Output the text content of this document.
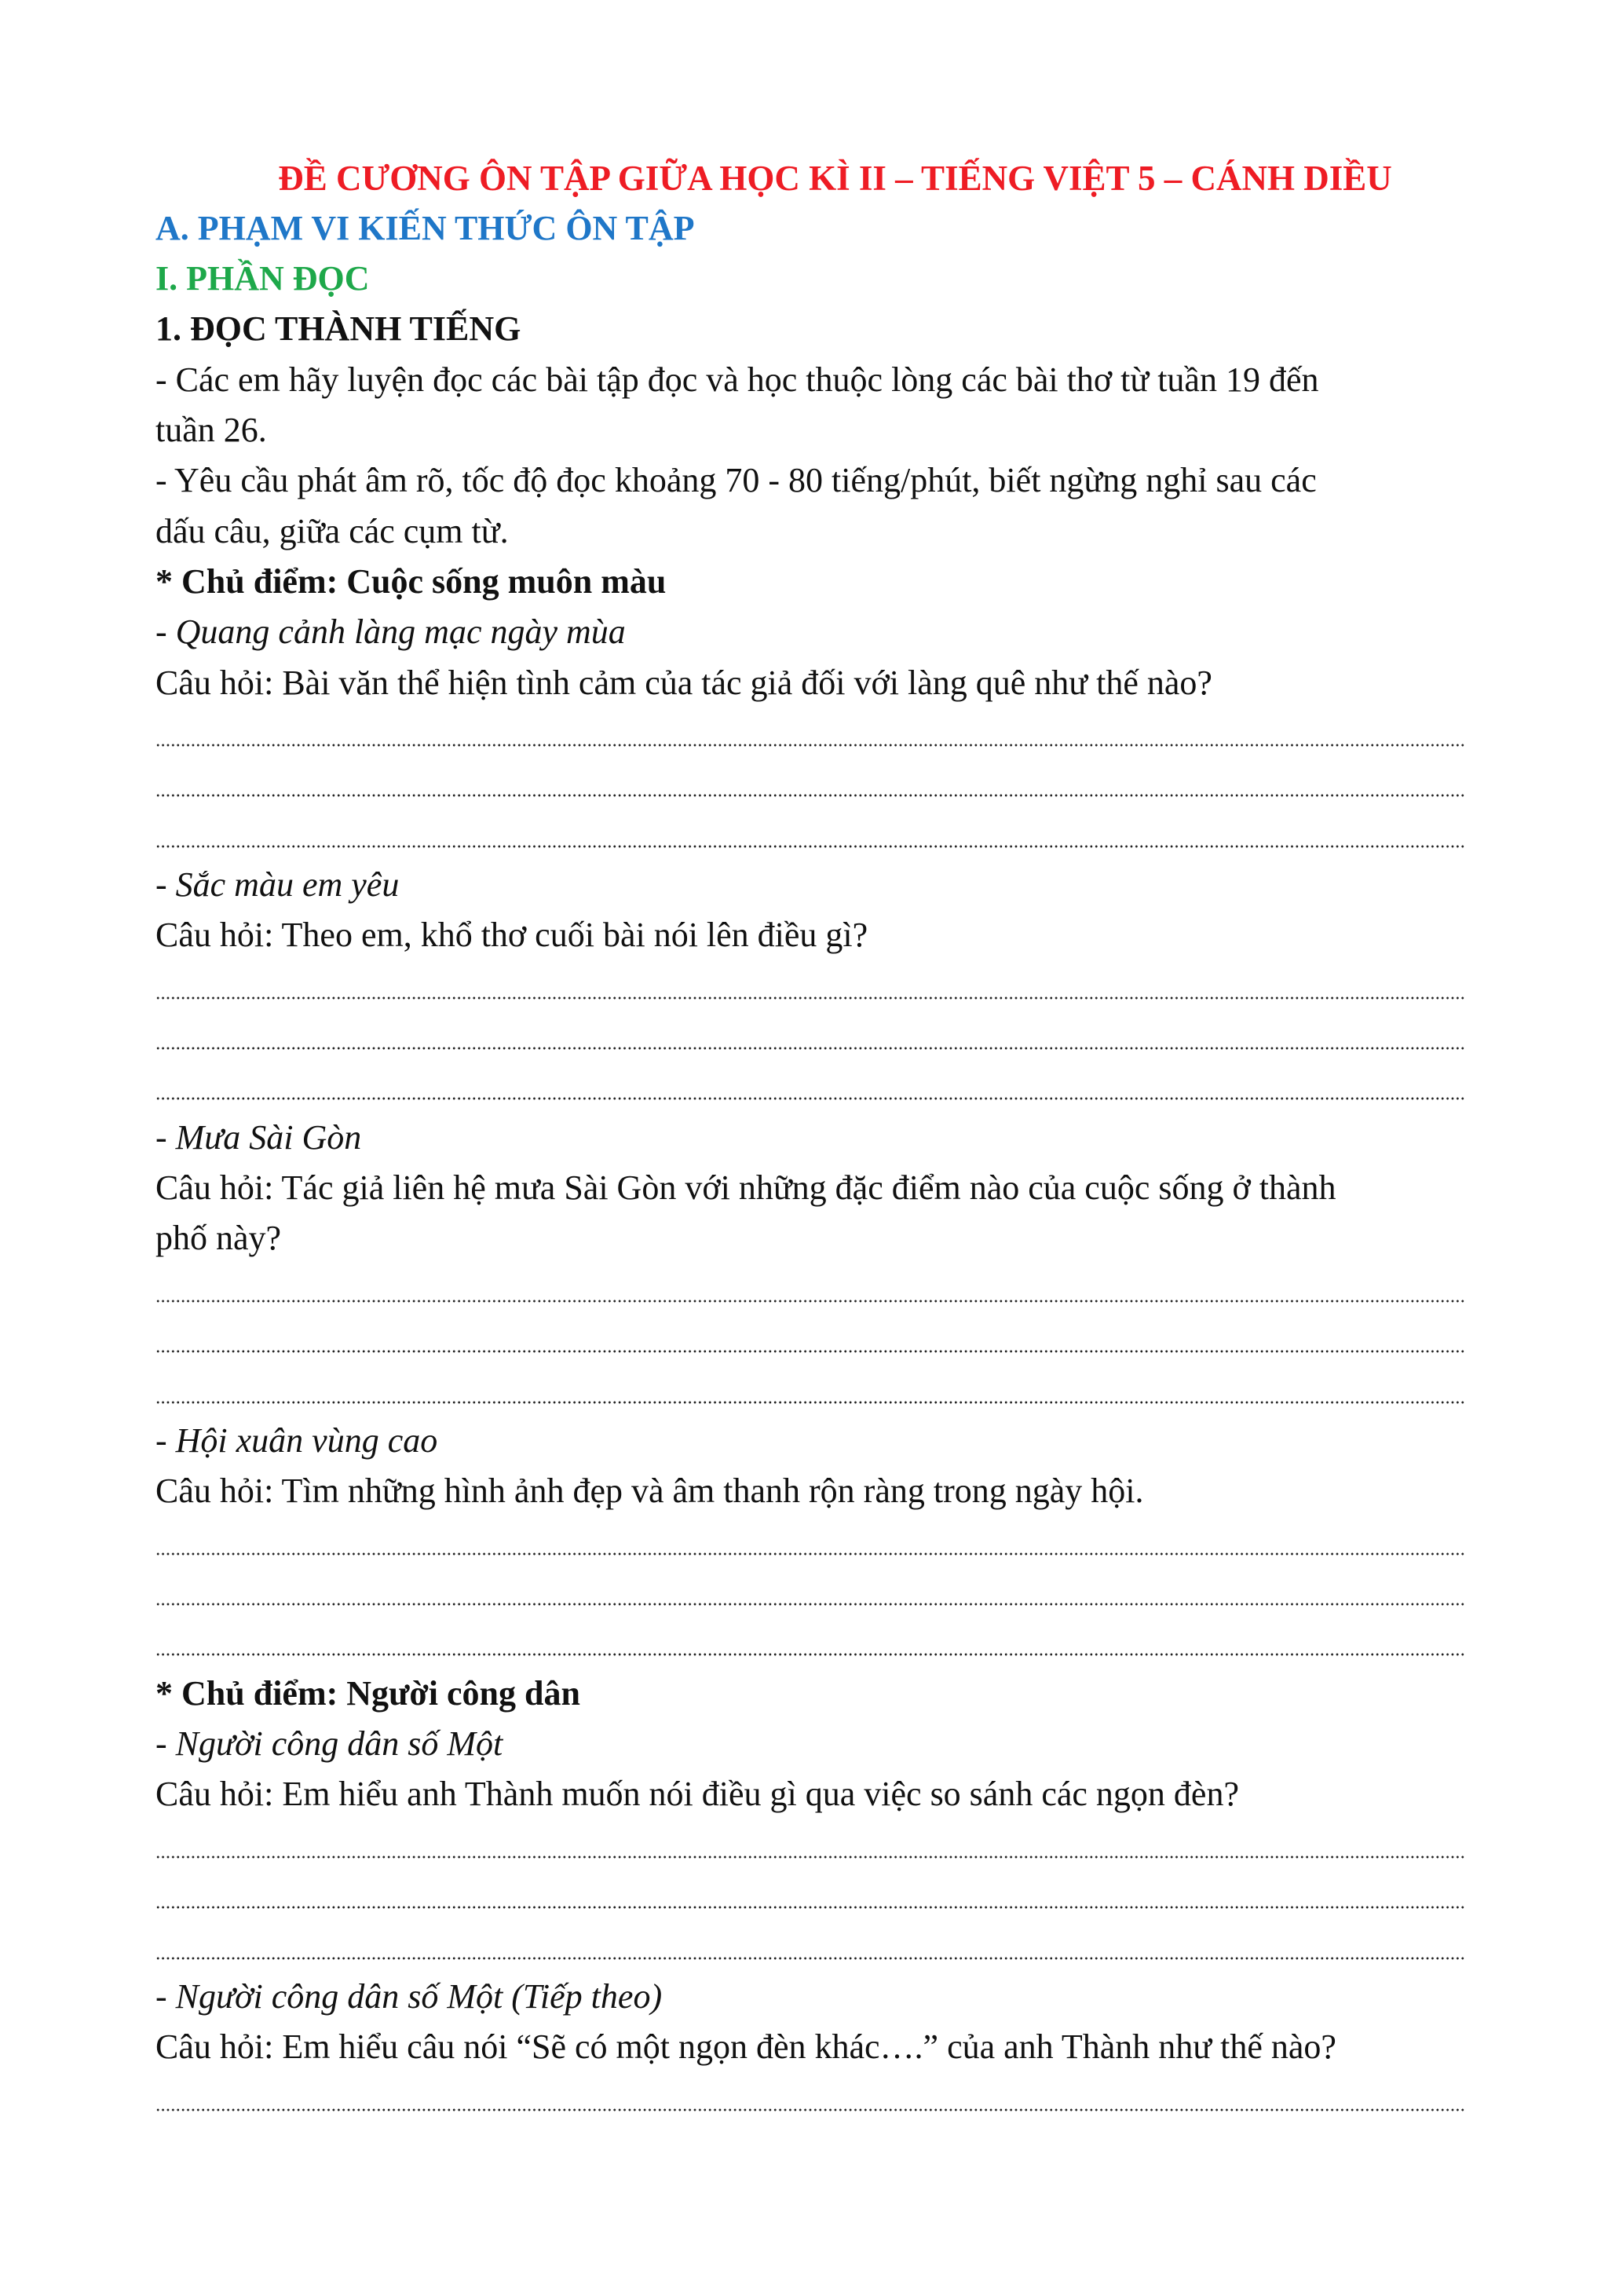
ĐỀ CƯƠNG ÔN TẬP GIỮA HỌC KÌ II – TIẾNG VIỆT 5 – CÁNH DIỀU
A. PHẠM VI KIẾN THỨC ÔN TẬP
I. PHẦN ĐỌC
1. ĐỌC THÀNH TIẾNG
- Các em hãy luyện đọc các bài tập đọc và học thuộc lòng các bài thơ từ tuần 19 đến
tuần 26.
- Yêu cầu phát âm rõ, tốc độ đọc khoảng 70 - 80 tiếng/phút, biết ngừng nghỉ sau các
dấu câu, giữa các cụm từ.
* Chủ điểm: Cuộc sống muôn màu
- Quang cảnh làng mạc ngày mùa
Câu hỏi: Bài văn thể hiện tình cảm của tác giả đối với làng quê như thế nào?
- Sắc màu em yêu
Câu hỏi: Theo em, khổ thơ cuối bài nói lên điều gì?
- Mưa Sài Gòn
Câu hỏi: Tác giả liên hệ mưa Sài Gòn với những đặc điểm nào của cuộc sống ở thành
phố này?
- Hội xuân vùng cao
Câu hỏi: Tìm những hình ảnh đẹp và âm thanh rộn ràng trong ngày hội.
* Chủ điểm: Người công dân
- Người công dân số Một
Câu hỏi: Em hiểu anh Thành muốn nói điều gì qua việc so sánh các ngọn đèn?
- Người công dân số Một (Tiếp theo)
Câu hỏi: Em hiểu câu nói “Sẽ có một ngọn đèn khác….” của anh Thành như thế nào?
